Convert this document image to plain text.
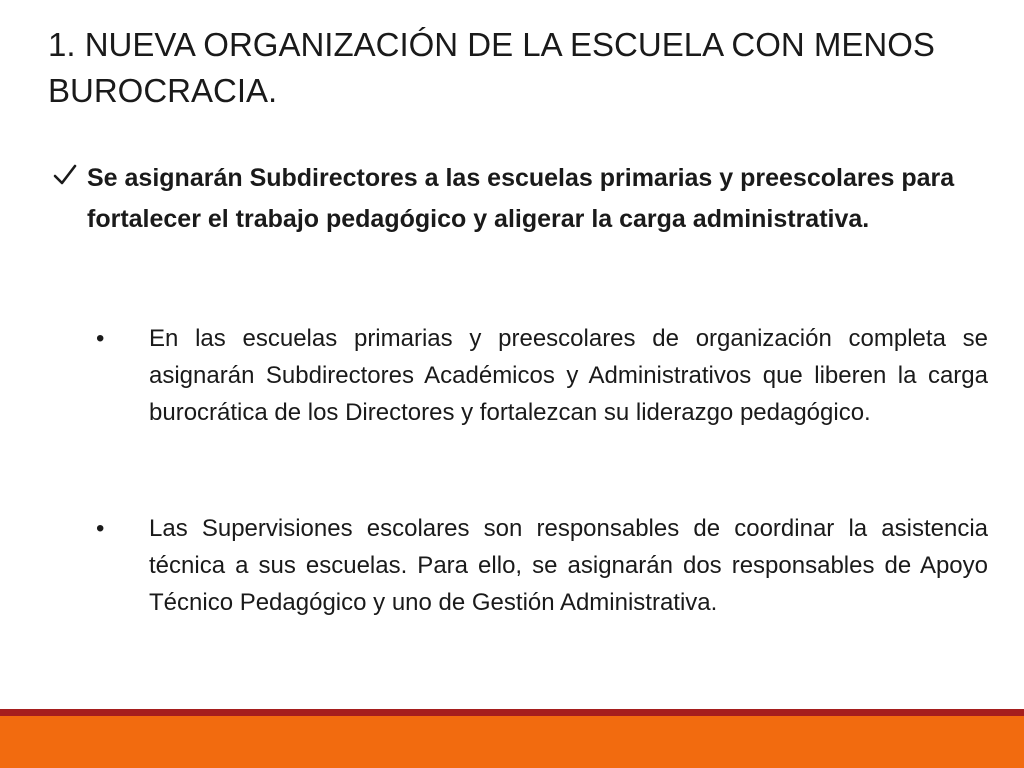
1. NUEVA ORGANIZACIÓN DE LA ESCUELA CON MENOS BUROCRACIA.

Se asignarán Subdirectores a las escuelas primarias y preescolares para fortalecer el trabajo pedagógico y aligerar la carga administrativa.

• En las escuelas primarias y preescolares de organización completa se asignarán Subdirectores Académicos y Administrativos que liberen la carga burocrática de los Directores y fortalezcan su liderazgo pedagógico.

• Las Supervisiones escolares son responsables de coordinar la asistencia técnica a sus escuelas. Para ello, se asignarán dos responsables de Apoyo Técnico Pedagógico y uno de Gestión Administrativa.
